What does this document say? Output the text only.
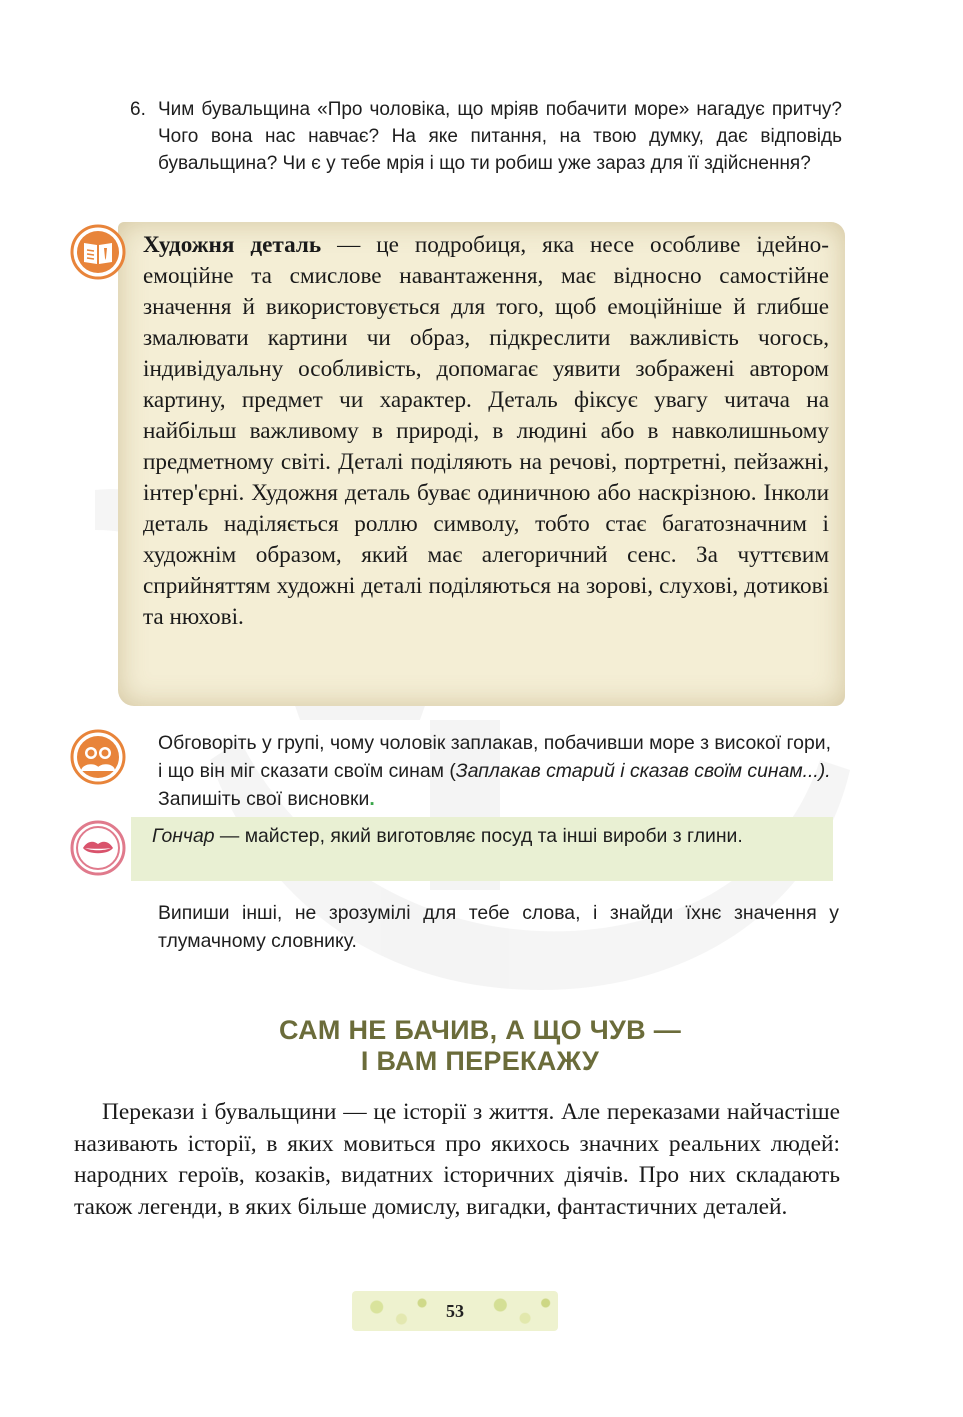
6. Чим бувальщина «Про чоловіка, що мріяв побачити море» нагадує притчу? Чого вона нас навчає? На яке питання, на твою думку, дає відповідь бувальщина? Чи є у тебе мрія і що ти робиш уже зараз для її здійснення?
Художня деталь — це подробиця, яка несе особливе ідейно-емоційне та смислове навантаження, має відносно самостійне значення й використовується для того, щоб емоційніше й глибше змалювати картини чи образ, підкреслити важливість чогось, індивідуальну особливість, допомагає уявити зображені автором картину, предмет чи характер. Деталь фіксує увагу читача на найбільш важливому в природі, в людині або в навколишньому предметному світі. Деталі поділяють на речові, портретні, пейзажні, інтер'єрні. Художня деталь буває одиничною або наскрізною. Інколи деталь наділяється роллю символу, тобто стає багатозначним і художнім образом, який має алегоричний сенс. За чуттєвим сприйняттям художні деталі поділяються на зорові, слухові, дотикові та нюхові.
Обговоріть у групі, чому чоловік заплакав, побачивши море з високої гори, і що він міг сказати своїм синам (Заплакав старий і сказав своїм синам...). Запишіть свої висновки.
Гончар — майстер, який виготовляє посуд та інші вироби з глини.
Випиши інші, не зрозумілі для тебе слова, і знайди їхнє значення у тлумачному словнику.
САМ НЕ БАЧИВ, А ЩО ЧУВ —
І ВАМ ПЕРЕКАЖУ
Перекази і бувальщини — це історії з життя. Але переказами найчастіше називають історії, в яких мовиться про якихось значних реальних людей: народних героїв, козаків, видатних історичних діячів. Про них складають також легенди, в яких більше домислу, вигадки, фантастичних деталей.
53
